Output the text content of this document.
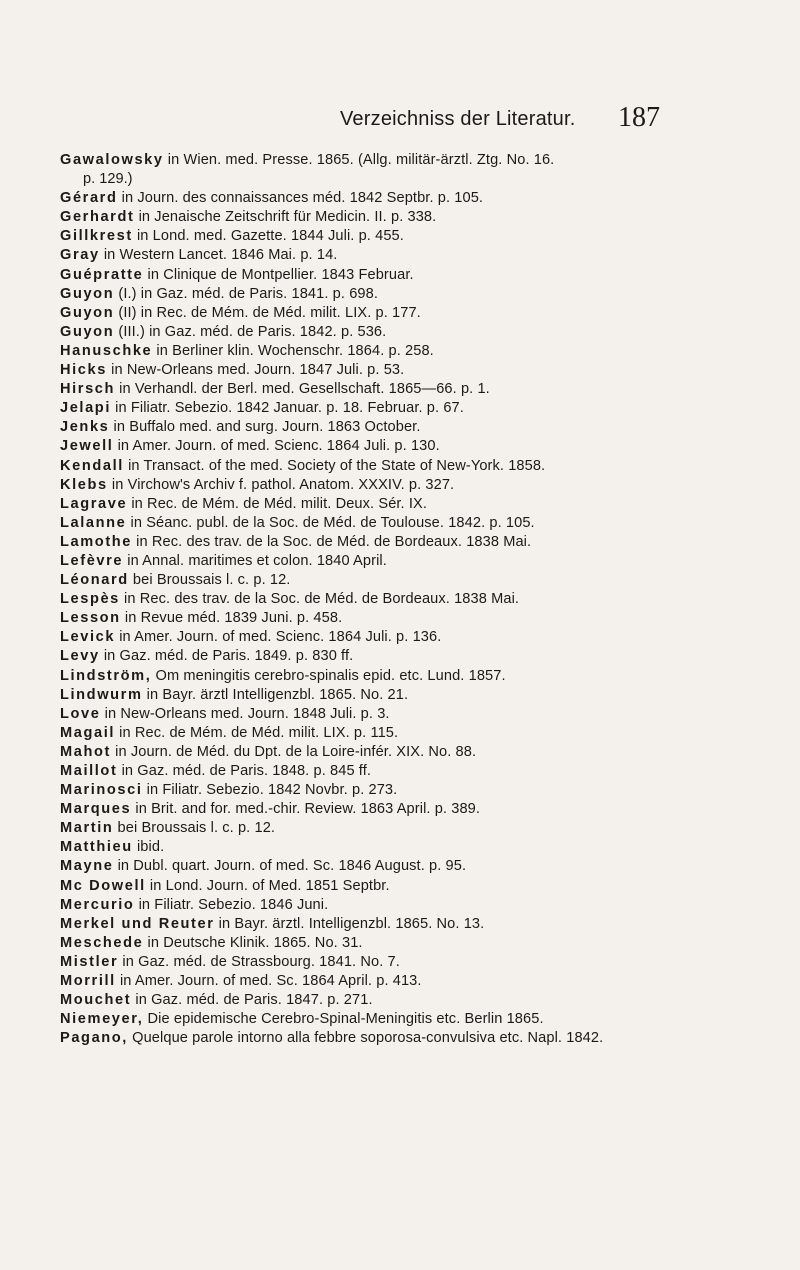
Verzeichniss der Literatur. 187
Gawalowsky in Wien. med. Presse. 1865. (Allg. militär-ärztl. Ztg. No. 16.
p. 129.)
Gérard in Journ. des connaissances méd. 1842 Septbr. p. 105.
Gerhardt in Jenaische Zeitschrift für Medicin. II. p. 338.
Gillkrest in Lond. med. Gazette. 1844 Juli. p. 455.
Gray in Western Lancet. 1846 Mai. p. 14.
Guépratte in Clinique de Montpellier. 1843 Februar.
Guyon (I.) in Gaz. méd. de Paris. 1841. p. 698.
Guyon (II) in Rec. de Mém. de Méd. milit. LIX. p. 177.
Guyon (III.) in Gaz. méd. de Paris. 1842. p. 536.
Hanuschke in Berliner klin. Wochenschr. 1864. p. 258.
Hicks in New-Orleans med. Journ. 1847 Juli. p. 53.
Hirsch in Verhandl. der Berl. med. Gesellschaft. 1865—66. p. 1.
Jelapi in Filiatr. Sebezio. 1842 Januar. p. 18. Februar. p. 67.
Jenks in Buffalo med. and surg. Journ. 1863 October.
Jewell in Amer. Journ. of med. Scienc. 1864 Juli. p. 130.
Kendall in Transact. of the med. Society of the State of New-York. 1858.
Klebs in Virchow's Archiv f. pathol. Anatom. XXXIV. p. 327.
Lagrave in Rec. de Mém. de Méd. milit. Deux. Sér. IX.
Lalanne in Séanc. publ. de la Soc. de Méd. de Toulouse. 1842. p. 105.
Lamothe in Rec. des trav. de la Soc. de Méd. de Bordeaux. 1838 Mai.
Lefèvre in Annal. maritimes et colon. 1840 April.
Léonard bei Broussais l. c. p. 12.
Lespès in Rec. des trav. de la Soc. de Méd. de Bordeaux. 1838 Mai.
Lesson in Revue méd. 1839 Juni. p. 458.
Levick in Amer. Journ. of med. Scienc. 1864 Juli. p. 136.
Levy in Gaz. méd. de Paris. 1849. p. 830 ff.
Lindström, Om meningitis cerebro-spinalis epid. etc. Lund. 1857.
Lindwurm in Bayr. ärztl Intelligenzbl. 1865. No. 21.
Love in New-Orleans med. Journ. 1848 Juli. p. 3.
Magail in Rec. de Mém. de Méd. milit. LIX. p. 115.
Mahot in Journ. de Méd. du Dpt. de la Loire-infér. XIX. No. 88.
Maillot in Gaz. méd. de Paris. 1848. p. 845 ff.
Marinosci in Filiatr. Sebezio. 1842 Novbr. p. 273.
Marques in Brit. and for. med.-chir. Review. 1863 April. p. 389.
Martin bei Broussais l. c. p. 12.
Matthieu ibid.
Mayne in Dubl. quart. Journ. of med. Sc. 1846 August. p. 95.
Mc Dowell in Lond. Journ. of Med. 1851 Septbr.
Mercurio in Filiatr. Sebezio. 1846 Juni.
Merkel und Reuter in Bayr. ärztl. Intelligenzbl. 1865. No. 13.
Meschede in Deutsche Klinik. 1865. No. 31.
Mistler in Gaz. méd. de Strassbourg. 1841. No. 7.
Morrill in Amer. Journ. of med. Sc. 1864 April. p. 413.
Mouchet in Gaz. méd. de Paris. 1847. p. 271.
Niemeyer, Die epidemische Cerebro-Spinal-Meningitis etc. Berlin 1865.
Pagano, Quelque parole intorno alla febbre soporosa-convulsiva etc. Napl. 1842.
